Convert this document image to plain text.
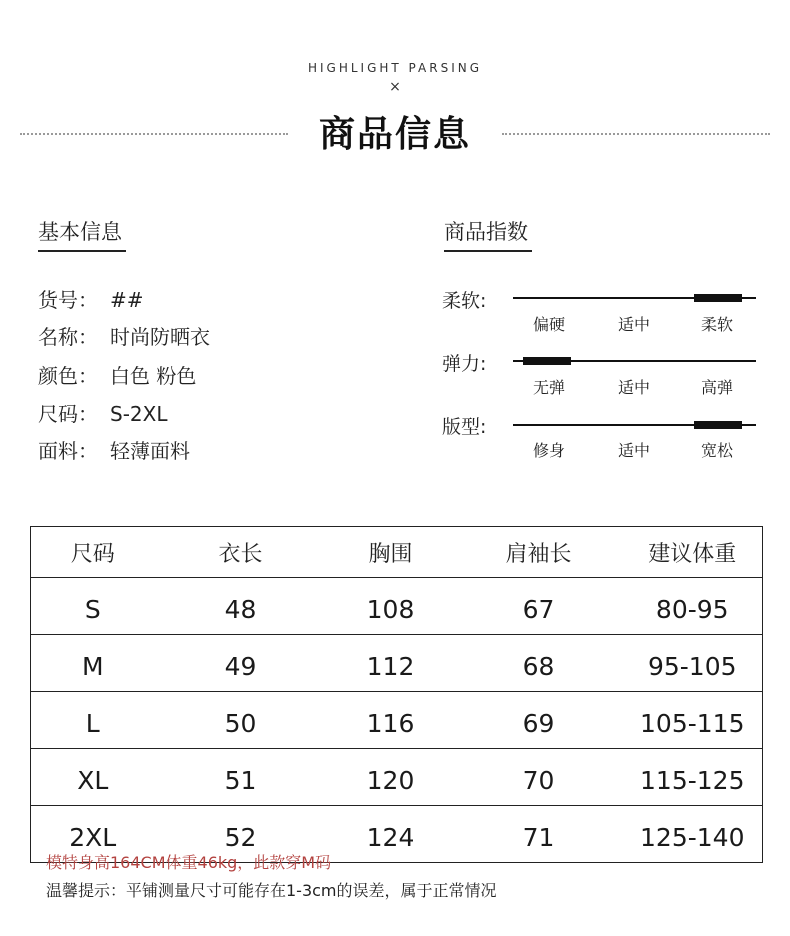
HIGHLIGHT PARSING
×
商品信息
基本信息
货号： ##
名称： 时尚防晒衣
颜色： 白色 粉色
尺码： S-2XL
面料： 轻薄面料
商品指数
柔软:
偏硬	适中	柔软
弹力:
无弹	适中	高弹
版型:
修身	适中	宽松
尺码	衣长	胸围	肩袖长	建议体重
S	48	108	67	80-95
M	49	112	68	95-105
L	50	116	69	105-115
XL	51	120	70	115-125
2XL	52	124	71	125-140
模特身高164CM体重46kg，此款穿M码
温馨提示：平铺测量尺寸可能存在1-3cm的误差，属于正常情况
